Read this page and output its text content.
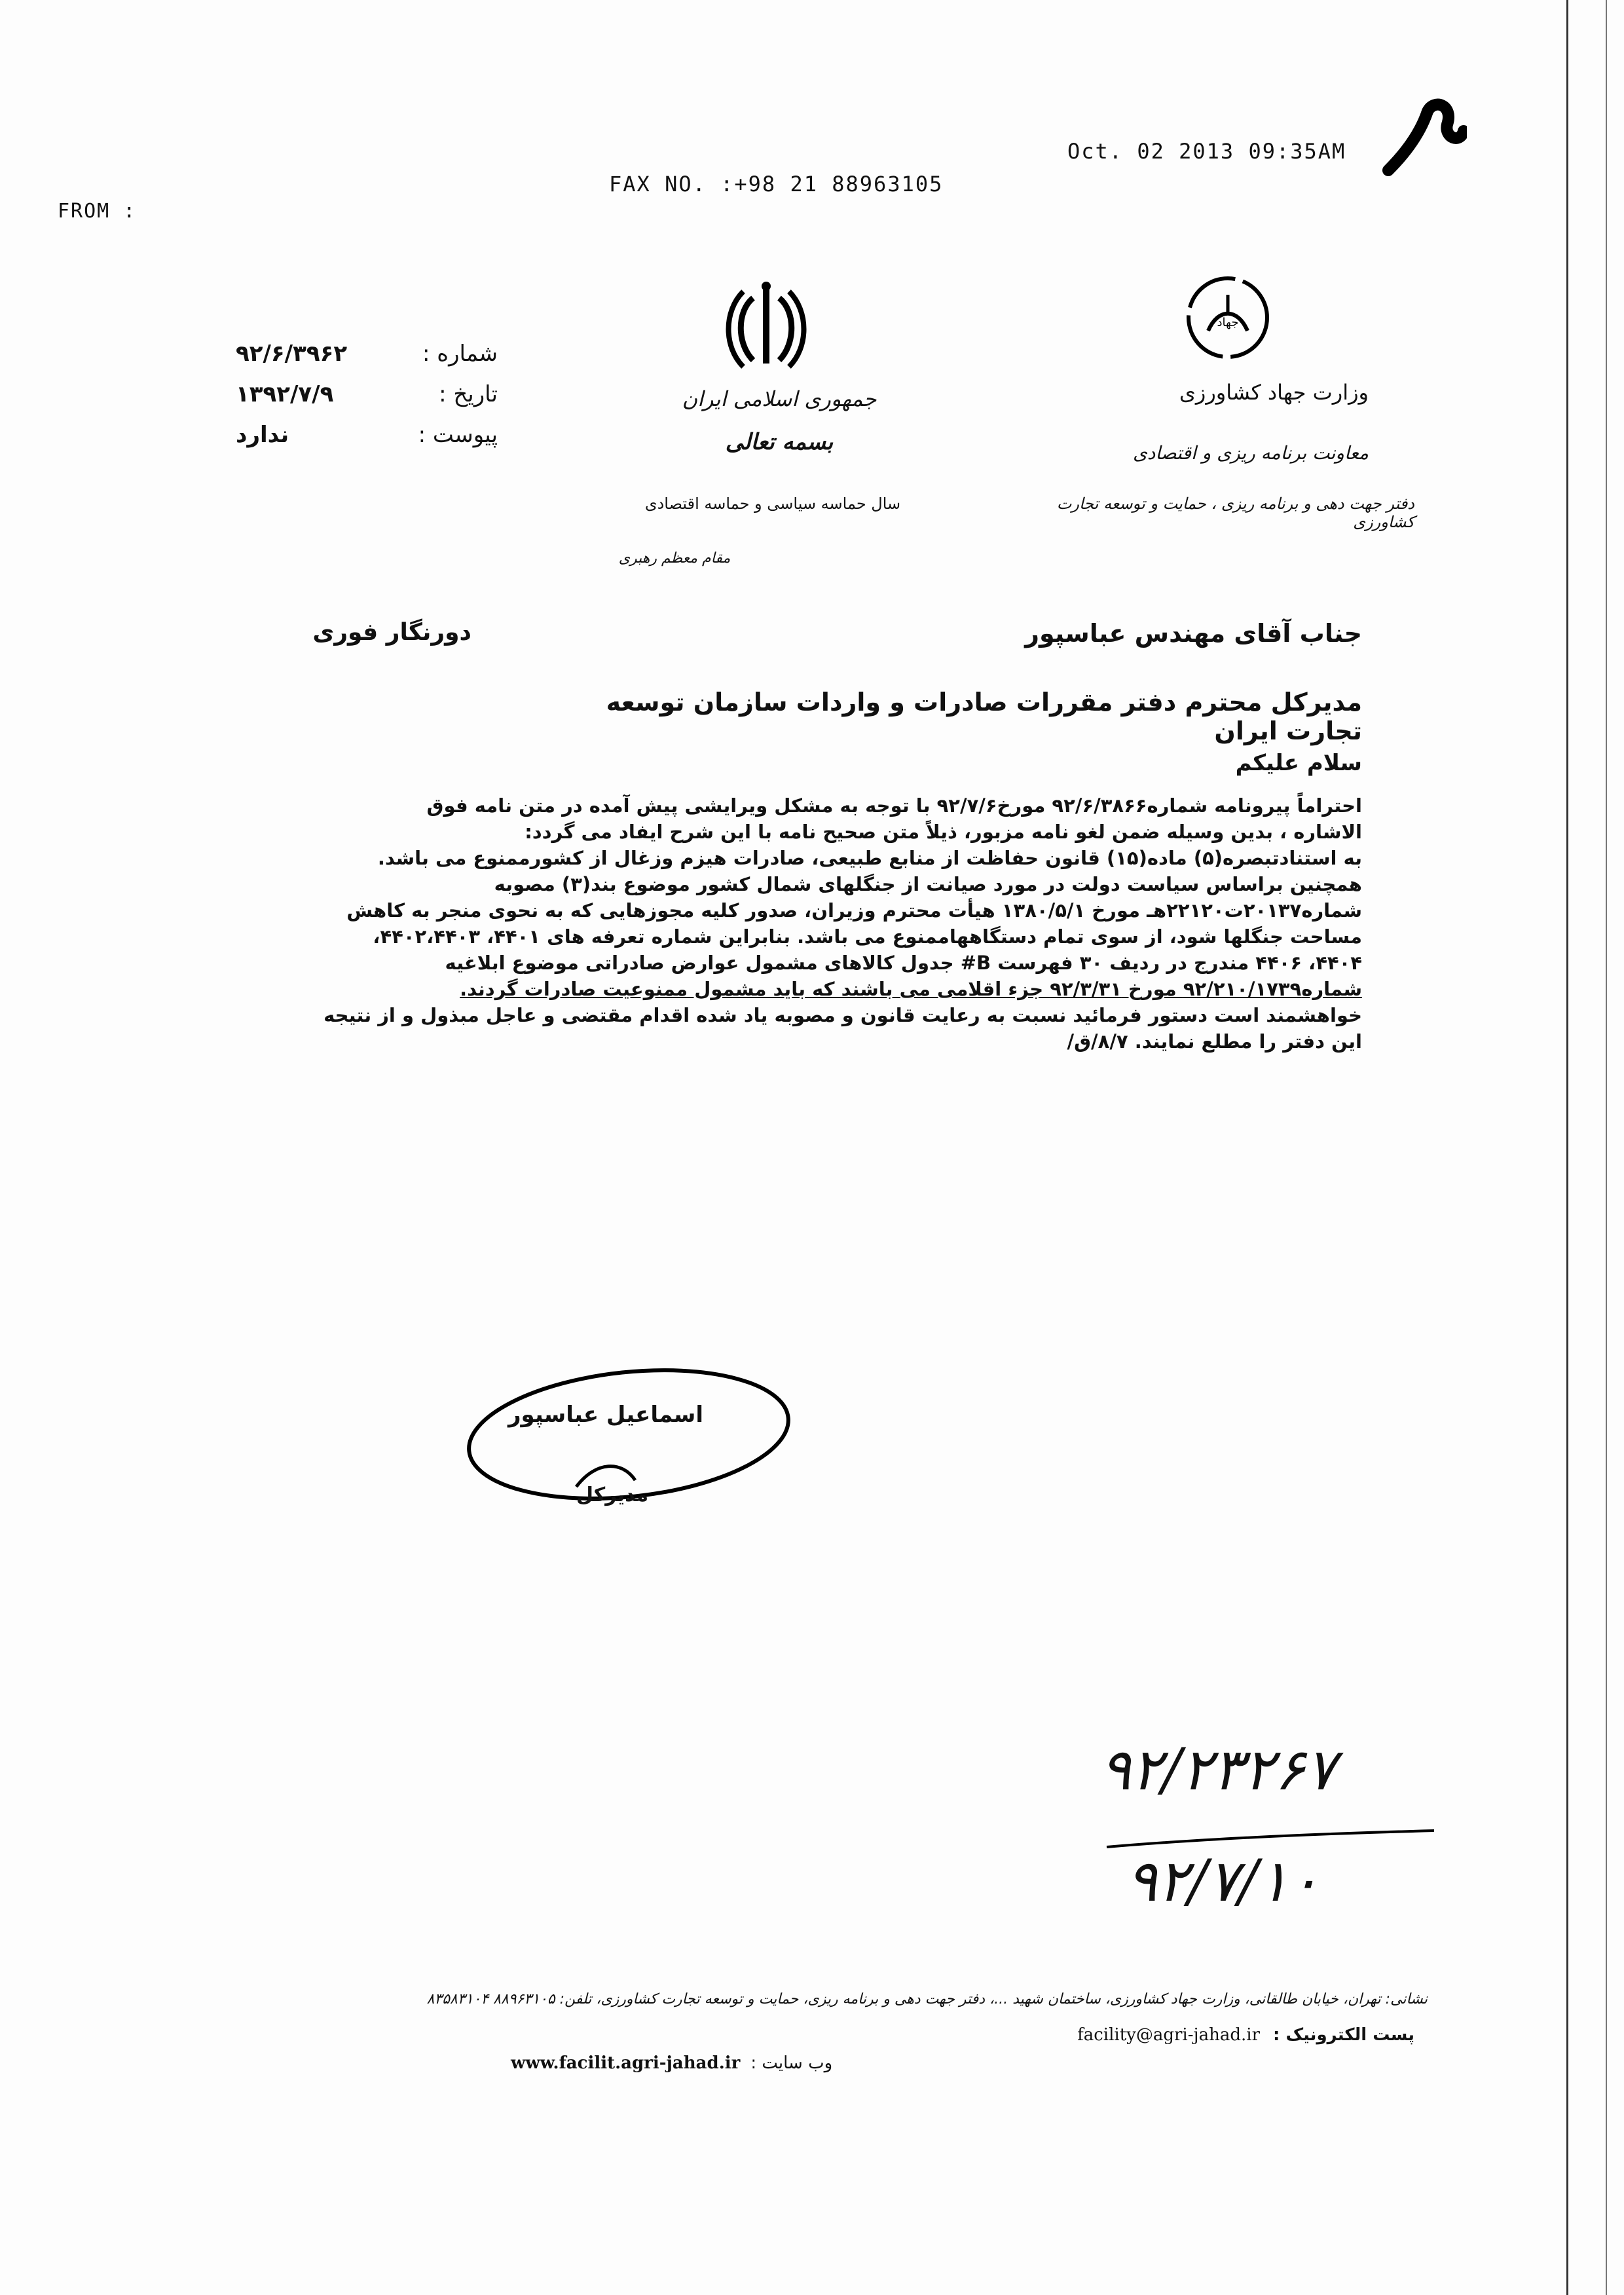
FROM :
FAX NO. :+98 21 88963105
Oct. 02 2013 09:35AM
شماره :
۹۲/۶/۳۹۶۲
تاریخ :
۱۳۹۲/۷/۹
پیوست :
ندارد
جمهوری اسلامی ایران
بسمه تعالی
سال حماسه سیاسی و حماسه اقتصادی
مقام معظم رهبری
جهاد
وزارت جهاد کشاورزی
معاونت برنامه ریزی و اقتصادی
دفتر جهت دهی و برنامه ریزی ، حمایت و توسعه تجارت کشاورزی
جناب آقای مهندس عباسپور
دورنگار فوری
مدیرکل محترم دفتر مقررات صادرات و واردات سازمان توسعه تجارت ایران
سلام علیکم
احتراماً پیرونامه شماره۹۲/۶/۳۸۶۶ مورخ۹۲/۷/۶ با توجه به مشکل ویرایشی پیش آمده در متن نامه فوق
الاشاره ، بدین وسیله ضمن لغو نامه مزبور، ذیلاً متن صحیح نامه با این شرح ایفاد می گردد:
به استنادتبصره(۵) ماده(۱۵) قانون حفاظت از منابع طبیعی، صادرات هیزم وزغال از کشورممنوع می باشد.
همچنین براساس سیاست دولت در مورد صیانت از جنگلهای شمال کشور موضوع بند(۳) مصوبه
شماره۲۰۱۳۷ت۲۲۱۲۰هـ مورخ ۱۳۸۰/۵/۱ هیأت محترم وزیران، صدور کلیه مجوزهایی که به نحوی منجر به کاهش
مساحت جنگلها شود، از سوی تمام دستگاههاممنوع می باشد. بنابراین شماره تعرفه های ۴۴۰۱، ۴۴۰۲،۴۴۰۳،
۴۴۰۴، ۴۴۰۶ مندرج در ردیف ۳۰ فهرست B# جدول کالاهای مشمول عوارض صادراتی موضوع ابلاغیه
شماره۹۲/۲۱۰/۱۷۳۹ مورخ ۹۲/۳/۳۱ جزء اقلامی می باشند که باید مشمول ممنوعیت صادرات گردند.
خواهشمند است دستور فرمائید نسبت به رعایت قانون و مصوبه یاد شده اقدام مقتضی و عاجل مبذول و از نتیجه
این دفتر را مطلع نمایند. ۸/۷/ق/
اسماعیل عباسپور
مدیرکل
۹۲/۲۳۲۶۷
۹۲/۷/۱۰
نشانی: تهران، خیابان طالقانی، وزارت جهاد کشاورزی، ساختمان شهید ...، دفتر جهت دهی و برنامه ریزی، حمایت و توسعه تجارت کشاورزی، تلفن: ۸۸۹۶۳۱۰۵ ۸۳۵۸۳۱۰۴
facility@agri-jahad.ir پست الکترونیک :
www.facilit.agri-jahad.ir وب سایت :
